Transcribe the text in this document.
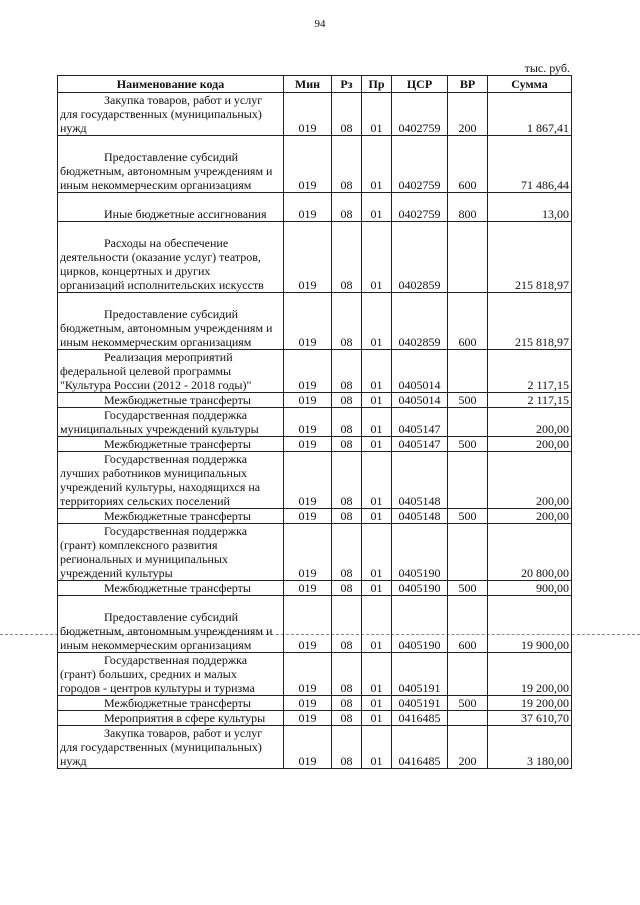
94
тыс. руб.
Наименование кода	Мин	Рз	Пр	ЦСР	ВР	Сумма

Закупка товаров, работ и услуг
для государственных (муниципальных)
нужд	019	08	01	0402759	200	1 867,41

Предоставление субсидий
бюджетным, автономным учреждениям и
иным некоммерческим организациям	019	08	01	0402759	600	71 486,44

Иные бюджетные ассигнования	019	08	01	0402759	800	13,00

Расходы на обеспечение
деятельности (оказание услуг) театров,
цирков, концертных и других
организаций исполнительских искусств	019	08	01	0402859		215 818,97

Предоставление субсидий
бюджетным, автономным учреждениям и
иным некоммерческим организациям	019	08	01	0402859	600	215 818,97

Реализация мероприятий
федеральной целевой программы
"Культура России (2012 - 2018 годы)"	019	08	01	0405014		2 117,15

Межбюджетные трансферты	019	08	01	0405014	500	2 117,15

Государственная поддержка
муниципальных учреждений культуры	019	08	01	0405147		200,00

Межбюджетные трансферты	019	08	01	0405147	500	200,00

Государственная поддержка
лучших работников муниципальных
учреждений культуры, находящихся на
территориях сельских поселений	019	08	01	0405148		200,00

Межбюджетные трансферты	019	08	01	0405148	500	200,00

Государственная поддержка
(грант) комплексного развития
региональных и муниципальных
учреждений культуры	019	08	01	0405190		20 800,00

Межбюджетные трансферты	019	08	01	0405190	500	900,00

Предоставление субсидий
бюджетным, автономным учреждениям и
иным некоммерческим организациям	019	08	01	0405190	600	19 900,00

Государственная поддержка
(грант) больших, средних и малых
городов - центров культуры и туризма	019	08	01	0405191		19 200,00

Межбюджетные трансферты	019	08	01	0405191	500	19 200,00

Мероприятия в сфере культуры	019	08	01	0416485		37 610,70

Закупка товаров, работ и услуг
для государственных (муниципальных)
нужд	019	08	01	0416485	200	3 180,00
